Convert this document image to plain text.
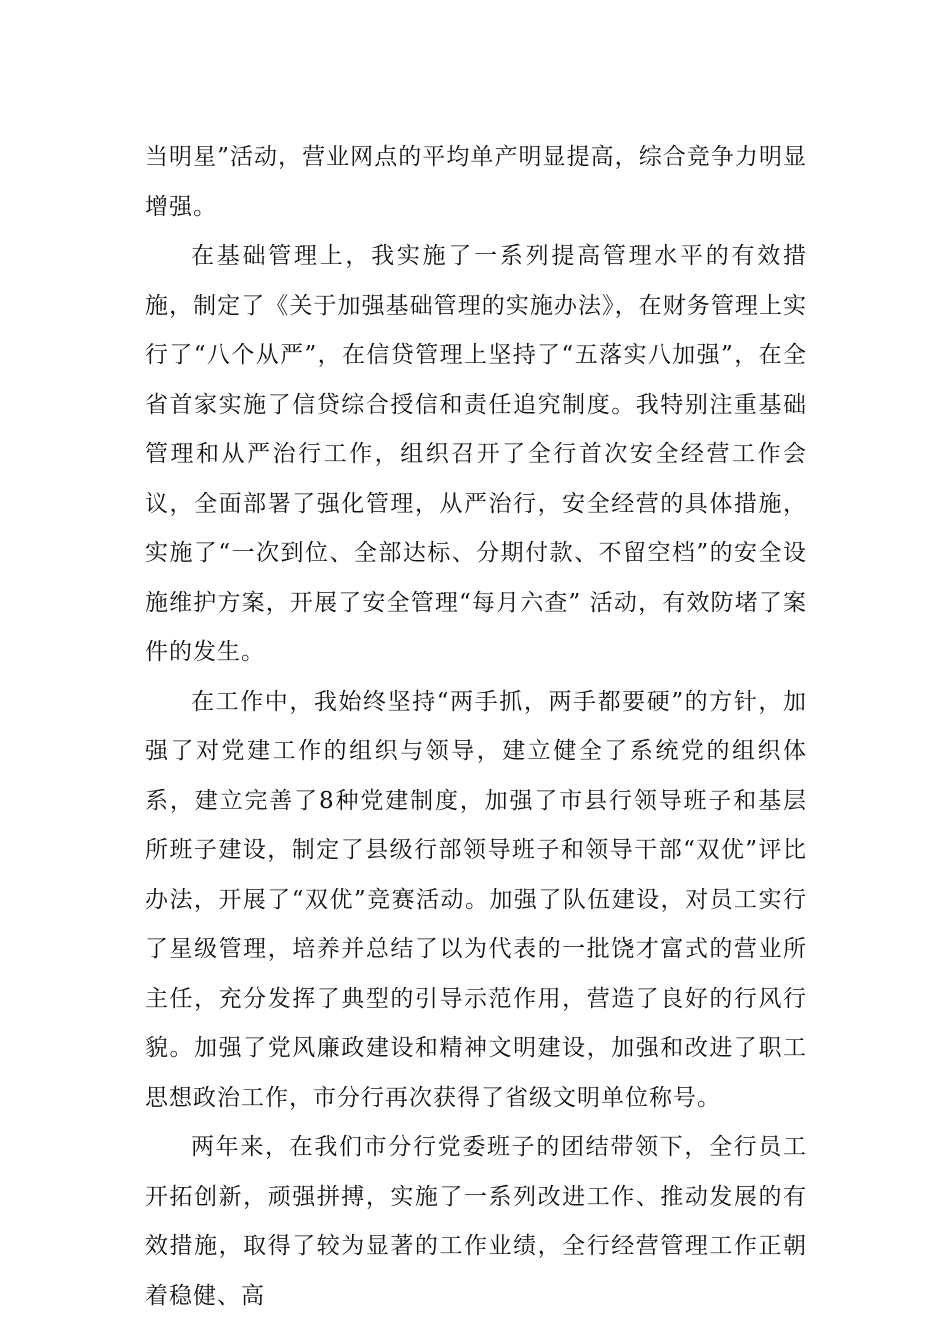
当明星”活动，营业网点的平均单产明显提高，综合竞争力明显增强。

在基础管理上，我实施了一系列提高管理水平的有效措施，制定了《关于加强基础管理的实施办法》，在财务管理上实行了“八个从严”，在信贷管理上坚持了“五落实八加强”，在全省首家实施了信贷综合授信和责任追究制度。我特别注重基础管理和从严治行工作，组织召开了全行首次安全经营工作会议，全面部署了强化管理，从严治行，安全经营的具体措施，实施了“一次到位、全部达标、分期付款、不留空档”的安全设施维护方案，开展了安全管理“每月六查” 活动，有效防堵了案件的发生。

在工作中，我始终坚持“两手抓，两手都要硬”的方针，加强了对党建工作的组织与领导，建立健全了系统党的组织体系，建立完善了8种党建制度，加强了市县行领导班子和基层所班子建设，制定了县级行部领导班子和领导干部“双优”评比办法，开展了“双优”竞赛活动。加强了队伍建设，对员工实行了星级管理，培养并总结了以为代表的一批饶才富式的营业所主任，充分发挥了典型的引导示范作用，营造了良好的行风行貌。加强了党风廉政建设和精神文明建设，加强和改进了职工思想政治工作，市分行再次获得了省级文明单位称号。

两年来，在我们市分行党委班子的团结带领下，全行员工开拓创新，顽强拼搏，实施了一系列改进工作、推动发展的有效措施，取得了较为显著的工作业绩，全行经营管理工作正朝着稳健、高
